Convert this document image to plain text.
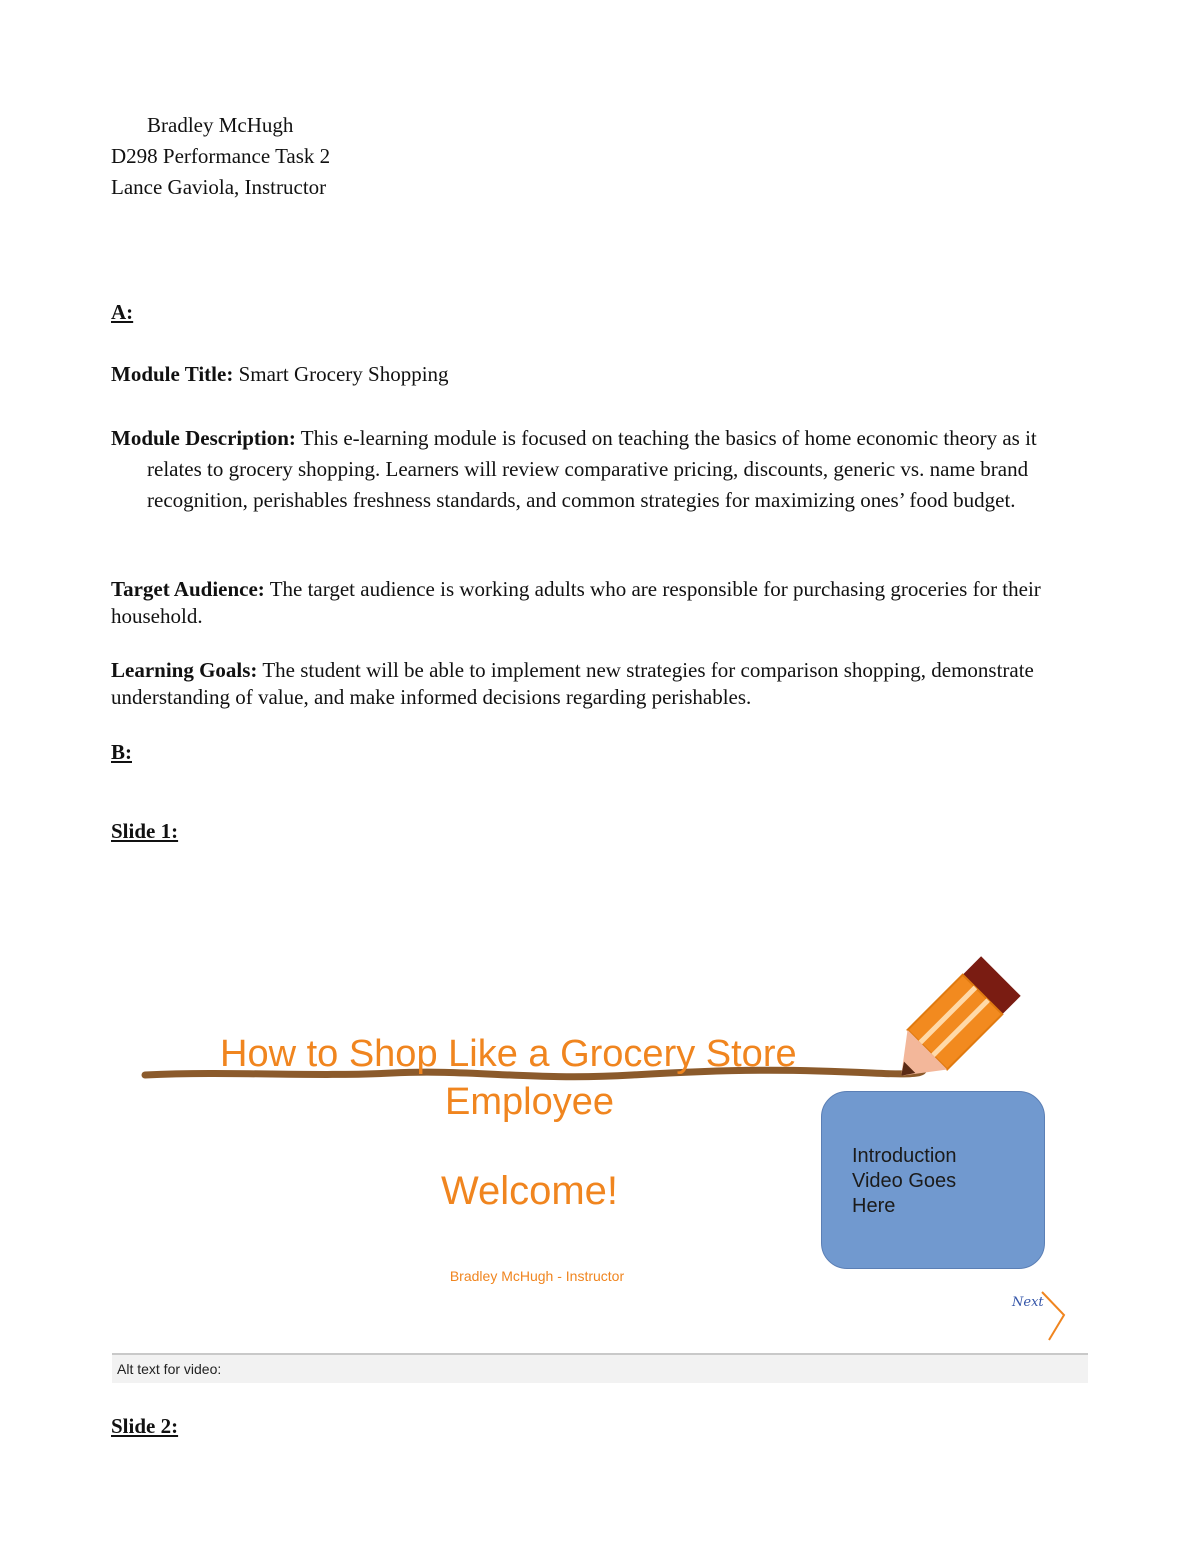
Bradley McHugh
D298 Performance Task 2
Lance Gaviola, Instructor
A:
Module Title: Smart Grocery Shopping
Module Description: This e-learning module is focused on teaching the basics of home economic theory as it relates to grocery shopping. Learners will review comparative pricing, discounts, generic vs. name brand recognition, perishables freshness standards, and common strategies for maximizing ones’ food budget.
Target Audience: The target audience is working adults who are responsible for purchasing groceries for their household.
Learning Goals: The student will be able to implement new strategies for comparison shopping, demonstrate understanding of value, and make informed decisions regarding perishables.
B:
Slide 1:
How to Shop Like a Grocery Store
Employee
Welcome!
Bradley McHugh - Instructor
Introduction
Video Goes
Here
Next
Alt text for video:
Slide 2:
